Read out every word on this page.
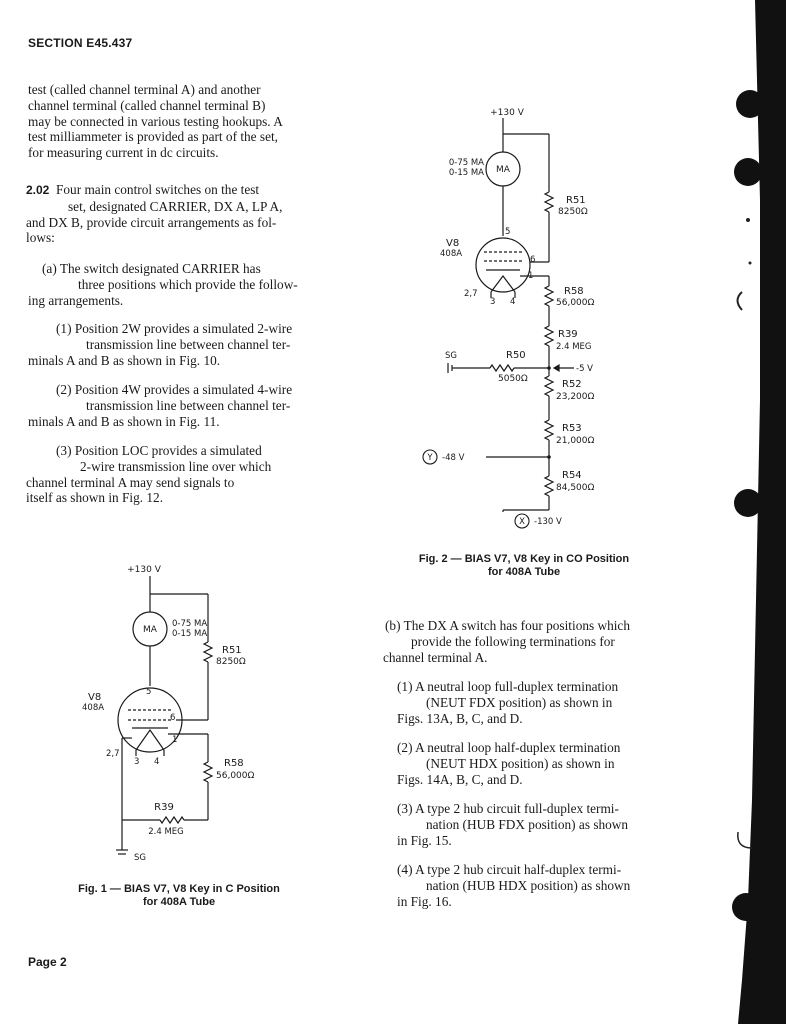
SECTION E45.437

test (called channel terminal A) and another

channel terminal (called channel terminal B)

may be connected in various testing hookups. A

test milliammeter is provided as part of the set,

for measuring current in dc circuits.

2.02 Four main control switches on the test

set, designated CARRIER, DX A, LP A,

and DX B, provide circuit arrangements as fol-

lows:

(a) The switch designated CARRIER has

three positions which provide the follow-

ing arrangements.

(1) Position 2W provides a simulated 2-wire

transmission line between channel ter-

minals A and B as shown in Fig. 10.

(2) Position 4W provides a simulated 4-wire

transmission line between channel ter-

minals A and B as shown in Fig. 11.

(3) Position LOC provides a simulated

2-wire transmission line over which

channel terminal A may send signals to

itself as shown in Fig. 12.

(b) The DX A switch has four positions which

provide the following terminations for

channel terminal A.

(1) A neutral loop full-duplex termination

(NEUT FDX position) as shown in

Figs. 13A, B, C, and D.

(2) A neutral loop half-duplex termination

(NEUT HDX position) as shown in

Figs. 14A, B, C, and D.

(3) A type 2 hub circuit full-duplex termi-

nation (HUB FDX position) as shown

in Fig. 15.

(4) A type 2 hub circuit half-duplex termi-

nation (HUB HDX position) as shown

in Fig. 16.

+130 V
MA
0-75 MA
0-15 MA
R51
8250Ω
V8
408A
5
6
1
2,7
3 4	R58
56,000Ω
R39
2.4 MEG
SG
Fig. 1 — BIAS V7, V8 Key in C Position
for 408A Tube
+130 V
MA
0-75 MA
0-15 MA
R51
8250Ω
V8
408A
5
6
1
2,7
3 4
R58
56,000Ω
R39
2.4 MEG
SG	R50
5050Ω
-5 V
R52
23,200Ω
R53
21,000Ω
Y -48 V
R54
84,500Ω
X -130 V
Fig. 2 — BIAS V7, V8 Key in CO Position
for 408A Tube
Page 2
